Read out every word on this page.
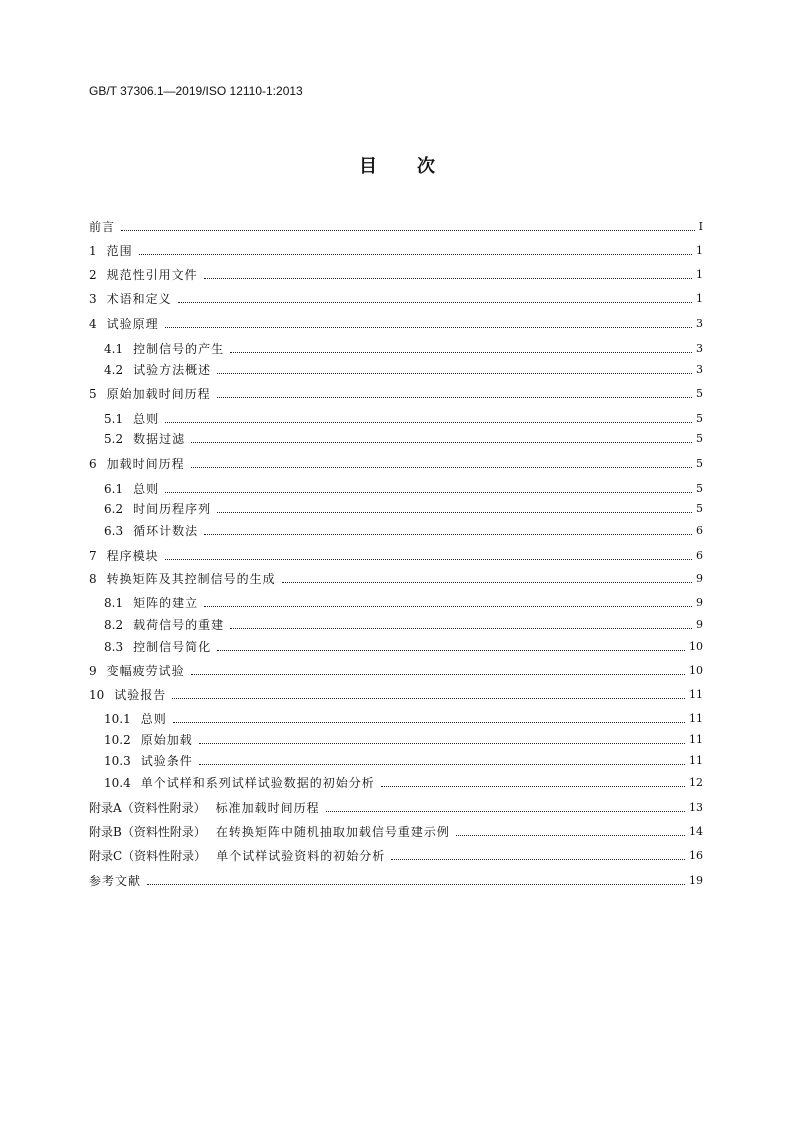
GB/T 37306.1—2019/ISO 12110-1:2013
目次
前言	Ⅰ
1 范围	1
2 规范性引用文件	1
3 术语和定义	1
4 试验原理	3
4.1 控制信号的产生	3
4.2 试验方法概述	3
5 原始加载时间历程	5
5.1 总则	5
5.2 数据过滤	5
6 加载时间历程	5
6.1 总则	5
6.2 时间历程序列	5
6.3 循环计数法	6
7 程序模块	6
8 转换矩阵及其控制信号的生成	9
8.1 矩阵的建立	9
8.2 载荷信号的重建	9
8.3 控制信号简化	10
9 变幅疲劳试验	10
10 试验报告	11
10.1 总则	11
10.2 原始加载	11
10.3 试验条件	11
10.4 单个试样和系列试样试验数据的初始分析	12
附录A（资料性附录） 标准加载时间历程	13
附录B（资料性附录） 在转换矩阵中随机抽取加载信号重建示例	14
附录C（资料性附录） 单个试样试验资料的初始分析	16
参考文献	19
